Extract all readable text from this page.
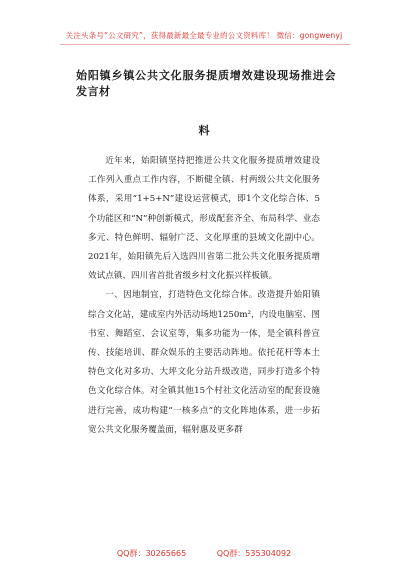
关注头条号“公文研究”，获得最新最全最专业的公文资料库！ 微信：gongwenyj
始阳镇乡镇公共文化服务提质增效建设现场推进会发言材
料

近年来，始阳镇坚持把推进公共文化服务提质增效建设工作列入重点工作内容，不断健全镇、村两级公共文化服务体系，采用“1+5+N”建设运营模式，即1个文化综合体、5个功能区和“N”种创新模式，形成配套齐全、布局科学、业态多元、特色鲜明、辐射广泛、文化厚重的县域文化副中心。2021年，始阳镇先后入选四川省第二批公共文化服务提质增效试点镇、四川省首批省级乡村文化振兴样板镇。

一、因地制宜，打造特色文化综合体。改造提升始阳镇综合文化站，建成室内外活动场地1250m²，内设电脑室、图书室、舞蹈室、会议室等，集多功能为一体，是全镇科普宣传、技能培训、群众娱乐的主要活动阵地。依托花杆等本土特色文化对多功、大坪文化分站升级改造，同步打造多个特色文化综合体。对全镇其他15个村社文化活动室的配套设施进行完善，成功构建“一核多点”的文化阵地体系，进一步拓宽公共文化服务覆盖面，辐射惠及更多群

QQ群：30265665	QQ群：535304092
